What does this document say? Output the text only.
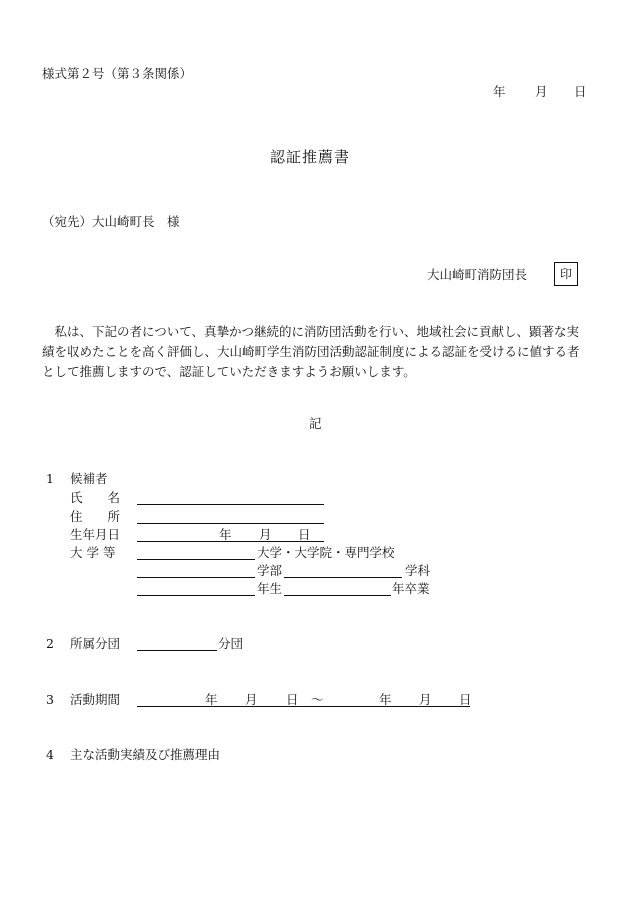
様式第２号（第３条関係）
年 月 日
認証推薦書
（宛先）大山崎町長　様
大山崎町消防団長	印
私は、下記の者について、真摯かつ継続的に消防団活動を行い、地域社会に貢献し、顕著な実績を収めたことを高く評価し、大山崎町学生消防団活動認証制度による認証を受けるに値する者として推薦しますので、認証していただきますようお願いします。
記
1 候補者
氏　　名
住　　所
生年月日	年 月 日
大 学 等	大学・大学院・専門学校
学部	学科
年生	年卒業
2 所属分団	分団
3 活動期間	年 月 日 ～	年 月 日
4 主な活動実績及び推薦理由
